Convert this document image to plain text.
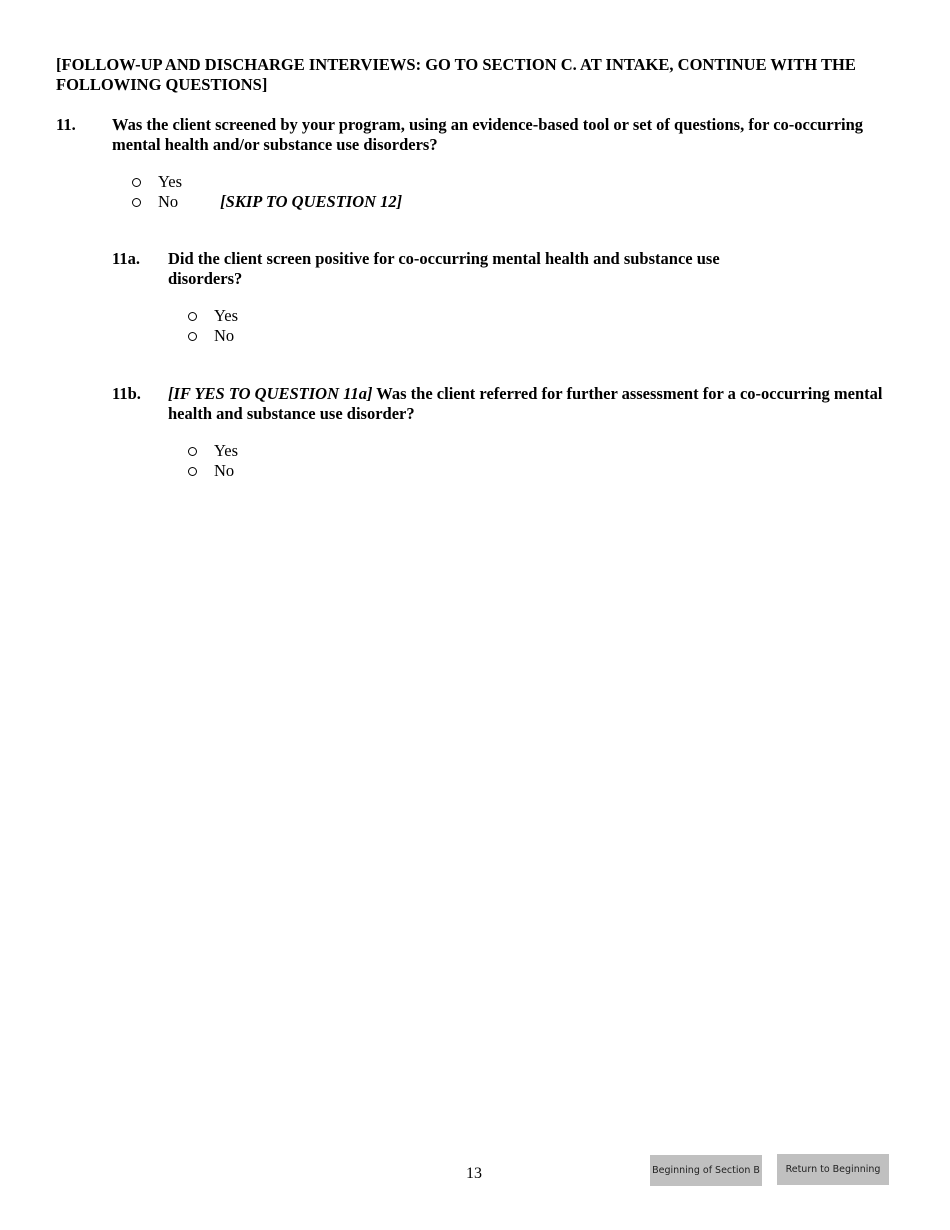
[FOLLOW-UP AND DISCHARGE INTERVIEWS: GO TO SECTION C. AT INTAKE, CONTINUE WITH THE FOLLOWING QUESTIONS]
11. Was the client screened by your program, using an evidence-based tool or set of questions, for co-occurring mental health and/or substance use disorders?
Yes
No	[SKIP TO QUESTION 12]
11a. Did the client screen positive for co-occurring mental health and substance use disorders?
Yes
No
11b. [IF YES TO QUESTION 11a] Was the client referred for further assessment for a co-occurring mental health and substance use disorder?
Yes
No
13	Beginning of Section B	Return to Beginning
